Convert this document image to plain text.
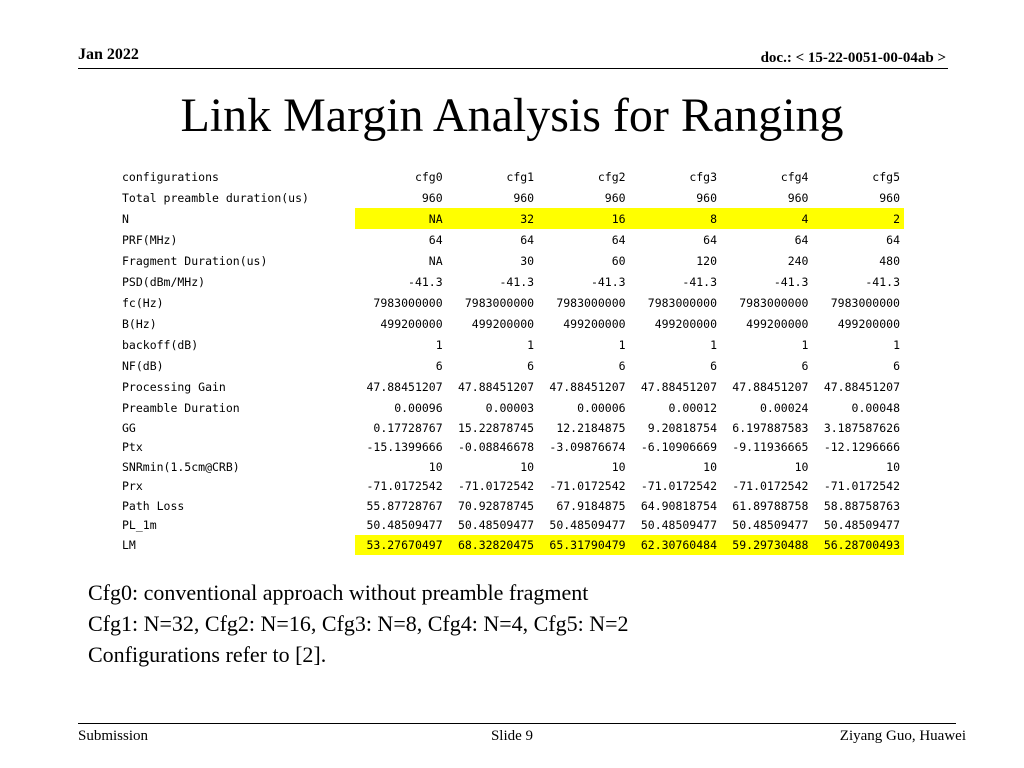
Jan 2022	doc.: < 15-22-0051-00-04ab >
Link Margin Analysis for Ranging
configurations	cfg0	cfg1	cfg2	cfg3	cfg4	cfg5
Total preamble duration(us)	960	960	960	960	960	960
N	NA	32	16	8	4	2
PRF(MHz)	64	64	64	64	64	64
Fragment Duration(us)	NA	30	60	120	240	480
PSD(dBm/MHz)	-41.3	-41.3	-41.3	-41.3	-41.3	-41.3
fc(Hz)	7983000000	7983000000	7983000000	7983000000	7983000000	7983000000
B(Hz)	499200000	499200000	499200000	499200000	499200000	499200000
backoff(dB)	1	1	1	1	1	1
NF(dB)	6	6	6	6	6	6
Processing Gain	47.88451207	47.88451207	47.88451207	47.88451207	47.88451207	47.88451207
Preamble Duration	0.00096	0.00003	0.00006	0.00012	0.00024	0.00048
GG	0.17728767	15.22878745	12.2184875	9.20818754	6.197887583	3.187587626
Ptx	-15.1399666	-0.08846678	-3.09876674	-6.10906669	-9.11936665	-12.1296666
SNRmin(1.5cm@CRB)	10	10	10	10	10	10
Prx	-71.0172542	-71.0172542	-71.0172542	-71.0172542	-71.0172542	-71.0172542
Path Loss	55.87728767	70.92878745	67.9184875	64.90818754	61.89788758	58.88758763
PL_1m	50.48509477	50.48509477	50.48509477	50.48509477	50.48509477	50.48509477
LM	53.27670497	68.32820475	65.31790479	62.30760484	59.29730488	56.28700493
Cfg0: conventional approach without preamble fragment
Cfg1: N=32, Cfg2: N=16, Cfg3: N=8, Cfg4: N=4, Cfg5: N=2
Configurations refer to [2].
Submission	Slide 9	Ziyang Guo, Huawei
